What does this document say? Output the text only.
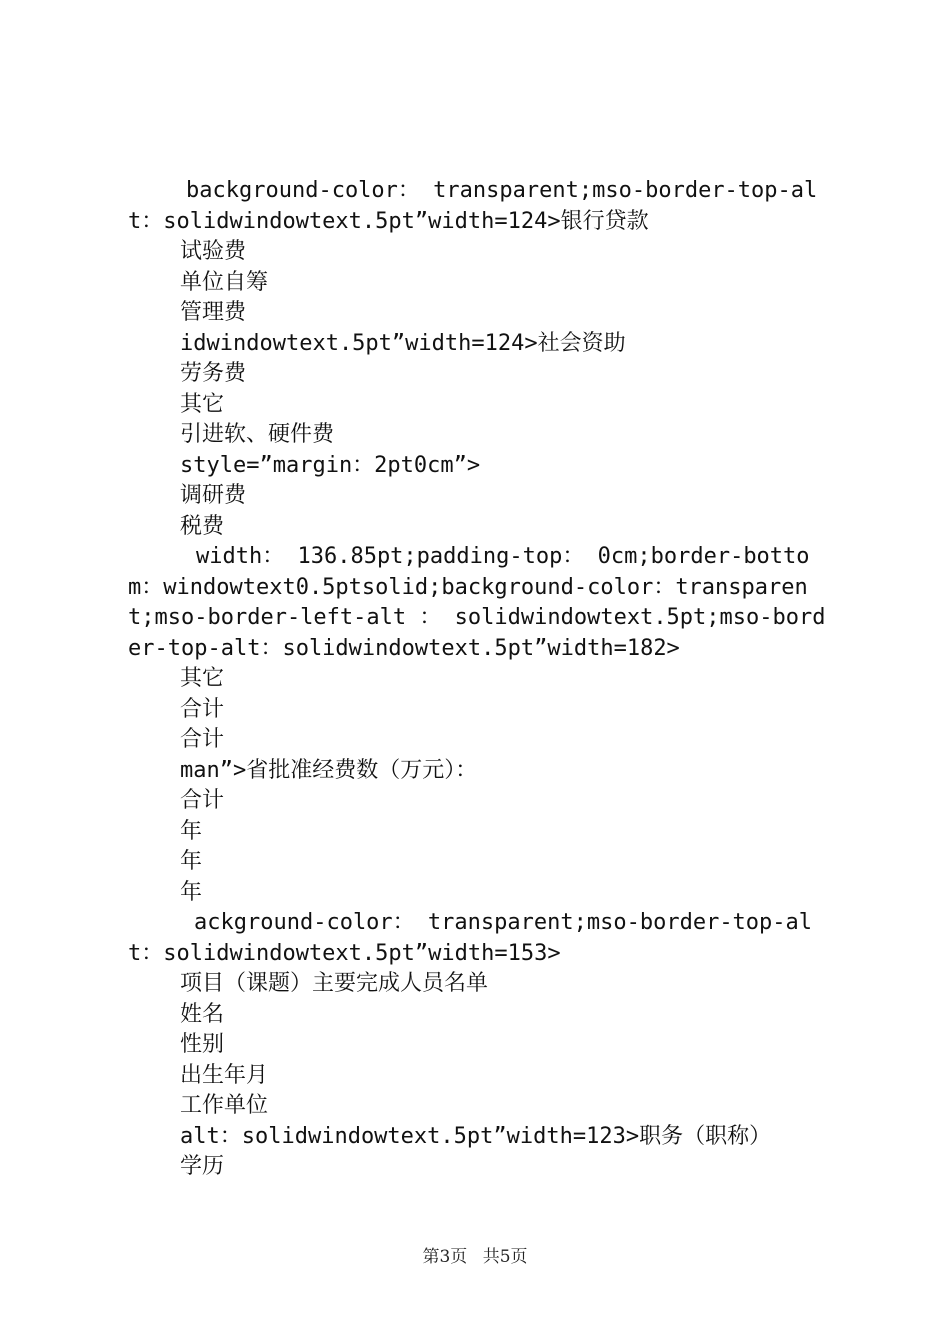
background-color： transparent;mso-border-top-alt：solidwindowtext.5pt”width=124>银行贷款
试验费
单位自筹
管理费
idwindowtext.5pt”width=124>社会资助
劳务费
其它
引进软、硬件费
style=”margin：2pt0cm”>
调研费
税费
width： 136.85pt;padding-top： 0cm;border-bottom：windowtext0.5ptsolid;background-color：transparent;mso-border-left-alt ： solidwindowtext.5pt;mso-border-top-alt：solidwindowtext.5pt”width=182>
其它
合计
合计
man”>省批准经费数（万元）：
合计
年
年
年
ackground-color： transparent;mso-border-top-alt：solidwindowtext.5pt”width=153>
项目（课题）主要完成人员名单
姓名
性别
出生年月
工作单位
alt：solidwindowtext.5pt”width=123>职务（职称）
学历
第3页 共5页
